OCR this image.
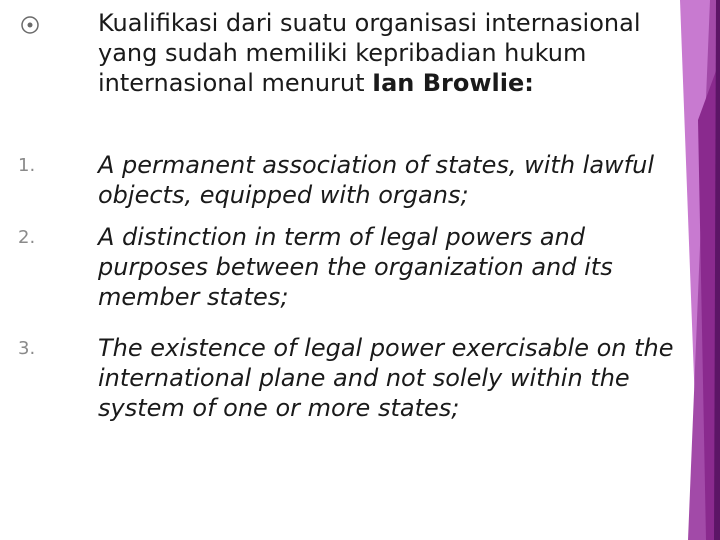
Kualifikasi dari suatu organisasi internasional yang sudah memiliki kepribadian hukum internasional menurut Ian Browlie:
1.	A permanent association of states, with lawful objects, equipped with organs;
2.	A distinction in term of legal powers and purposes between the organization and its member states;
3.	The existence of legal power exercisable on the international plane and not solely within the system of one or more states;
